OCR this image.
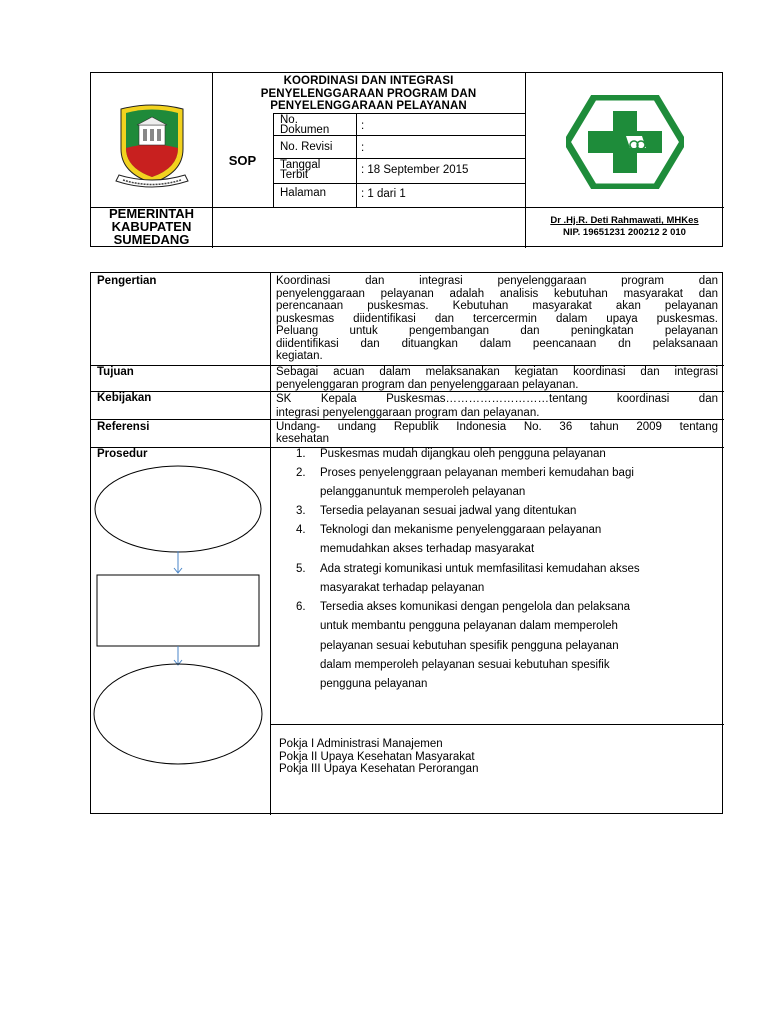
KOORDINASI DAN INTEGRASI
PENYELENGGARAAN PROGRAM DAN
PENYELENGGARAAN PELAYANAN
SOP
No.
Dokumen	:
No. Revisi :
Tanggal
Terbit	: 18 September 2015
Halaman	: 1 dari 1
PEMERINTAH
KABUPATEN
SUMEDANG
Dr .Hj.R. Deti Rahmawati, MHKes
NIP. 19651231 200212 2 010
Pengertian	Koordinasi dan integrasi penyelenggaraan program dan
penyelenggaraan pelayanan adalah analisis kebutuhan masyarakat dan
perencanaan puskesmas. Kebutuhan masyarakat akan pelayanan
puskesmas diidentifikasi dan tercercermin dalam upaya puskesmas.
Peluang untuk pengembangan dan peningkatan pelayanan
diidentifikasi dan dituangkan dalam peencanaan dn pelaksanaan
kegiatan.
Tujuan	Sebagai acuan dalam melaksanakan kegiatan koordinasi dan integrasi
penyelenggaran program dan penyelenggaraan pelayanan.
Kebijakan	SK Kepala Puskesmas………………………tentang koordinasi dan
integrasi penyelenggaraan program dan pelayanan.
Referensi	Undang- undang Republik Indonesia No. 36 tahun 2009 tentang
kesehatan
Prosedur	1.	Puskesmas mudah dijangkau oleh pengguna pelayanan
2.	Proses penyelenggraan pelayanan memberi kemudahan bagi
pelangganuntuk memperoleh pelayanan
3.	Tersedia pelayanan sesuai jadwal yang ditentukan
4.	Teknologi dan mekanisme penyelenggaraan pelayanan
memudahkan akses terhadap masyarakat
5.	Ada strategi komunikasi untuk memfasilitasi kemudahan akses
masyarakat terhadap pelayanan
6.	Tersedia akses komunikasi dengan pengelola dan pelaksana
untuk membantu pengguna pelayanan dalam memperoleh
pelayanan sesuai kebutuhan spesifik pengguna pelayanan
dalam memperoleh pelayanan sesuai kebutuhan spesifik
pengguna pelayanan
Pokja I Administrasi Manajemen
Pokja II Upaya Kesehatan Masyarakat
Pokja III Upaya Kesehatan Perorangan
